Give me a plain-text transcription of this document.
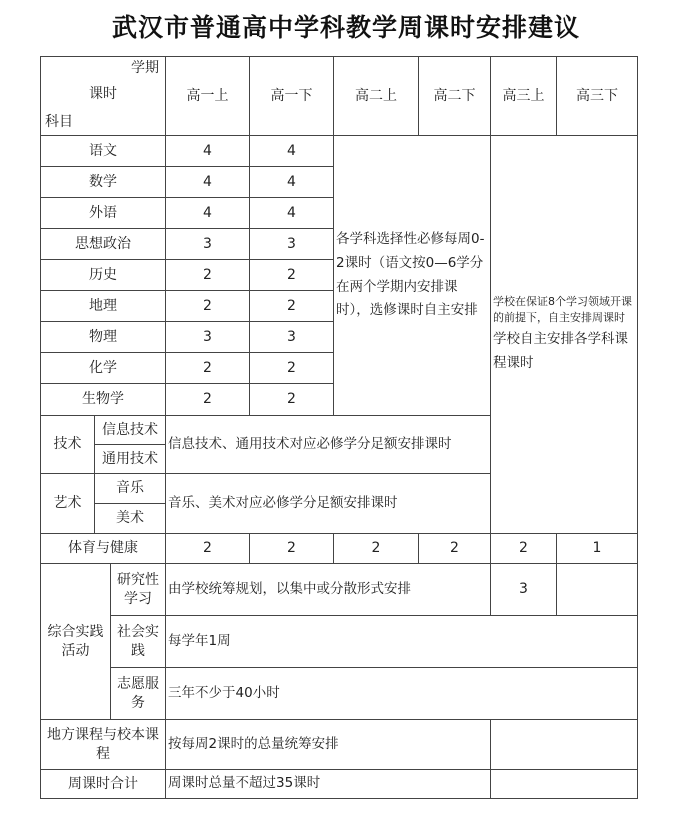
武汉市普通高中学科教学周课时安排建议
学期
课时
科目			高一上	高一下	高二上	高二下	高三上	高三下
语文			4	4	各学科选择性必修每周0-2课时（语文按0—6学分在两个学期内安排课时），选修课时自主安排		学校在保证8个学习领域开课的前提下，自主安排周课时
学校自主安排各学科课程课时	

数学			4	4				
外语			4	4				
思想政治			3	3				
历史			2	2				
地理			2	2				
物理			3	3				
化学			2	2				
生物学			2	2				
技术	信息技术		信息技术、通用技术对应必修学分足额安排课时					
	通用技术							
艺术	音乐		音乐、美术对应必修学分足额安排课时					
	美术							
体育与健康			2	2	2	2	2	1
综合实践活动		研究性学习	由学校统筹规划，以集中或分散形式安排				3	
		社会实践	每学年1周					
		志愿服务	三年不少于40小时					
地方课程与校本课程			按每周2课时的总量统筹安排					
周课时合计			周课时总量不超过35课时					
